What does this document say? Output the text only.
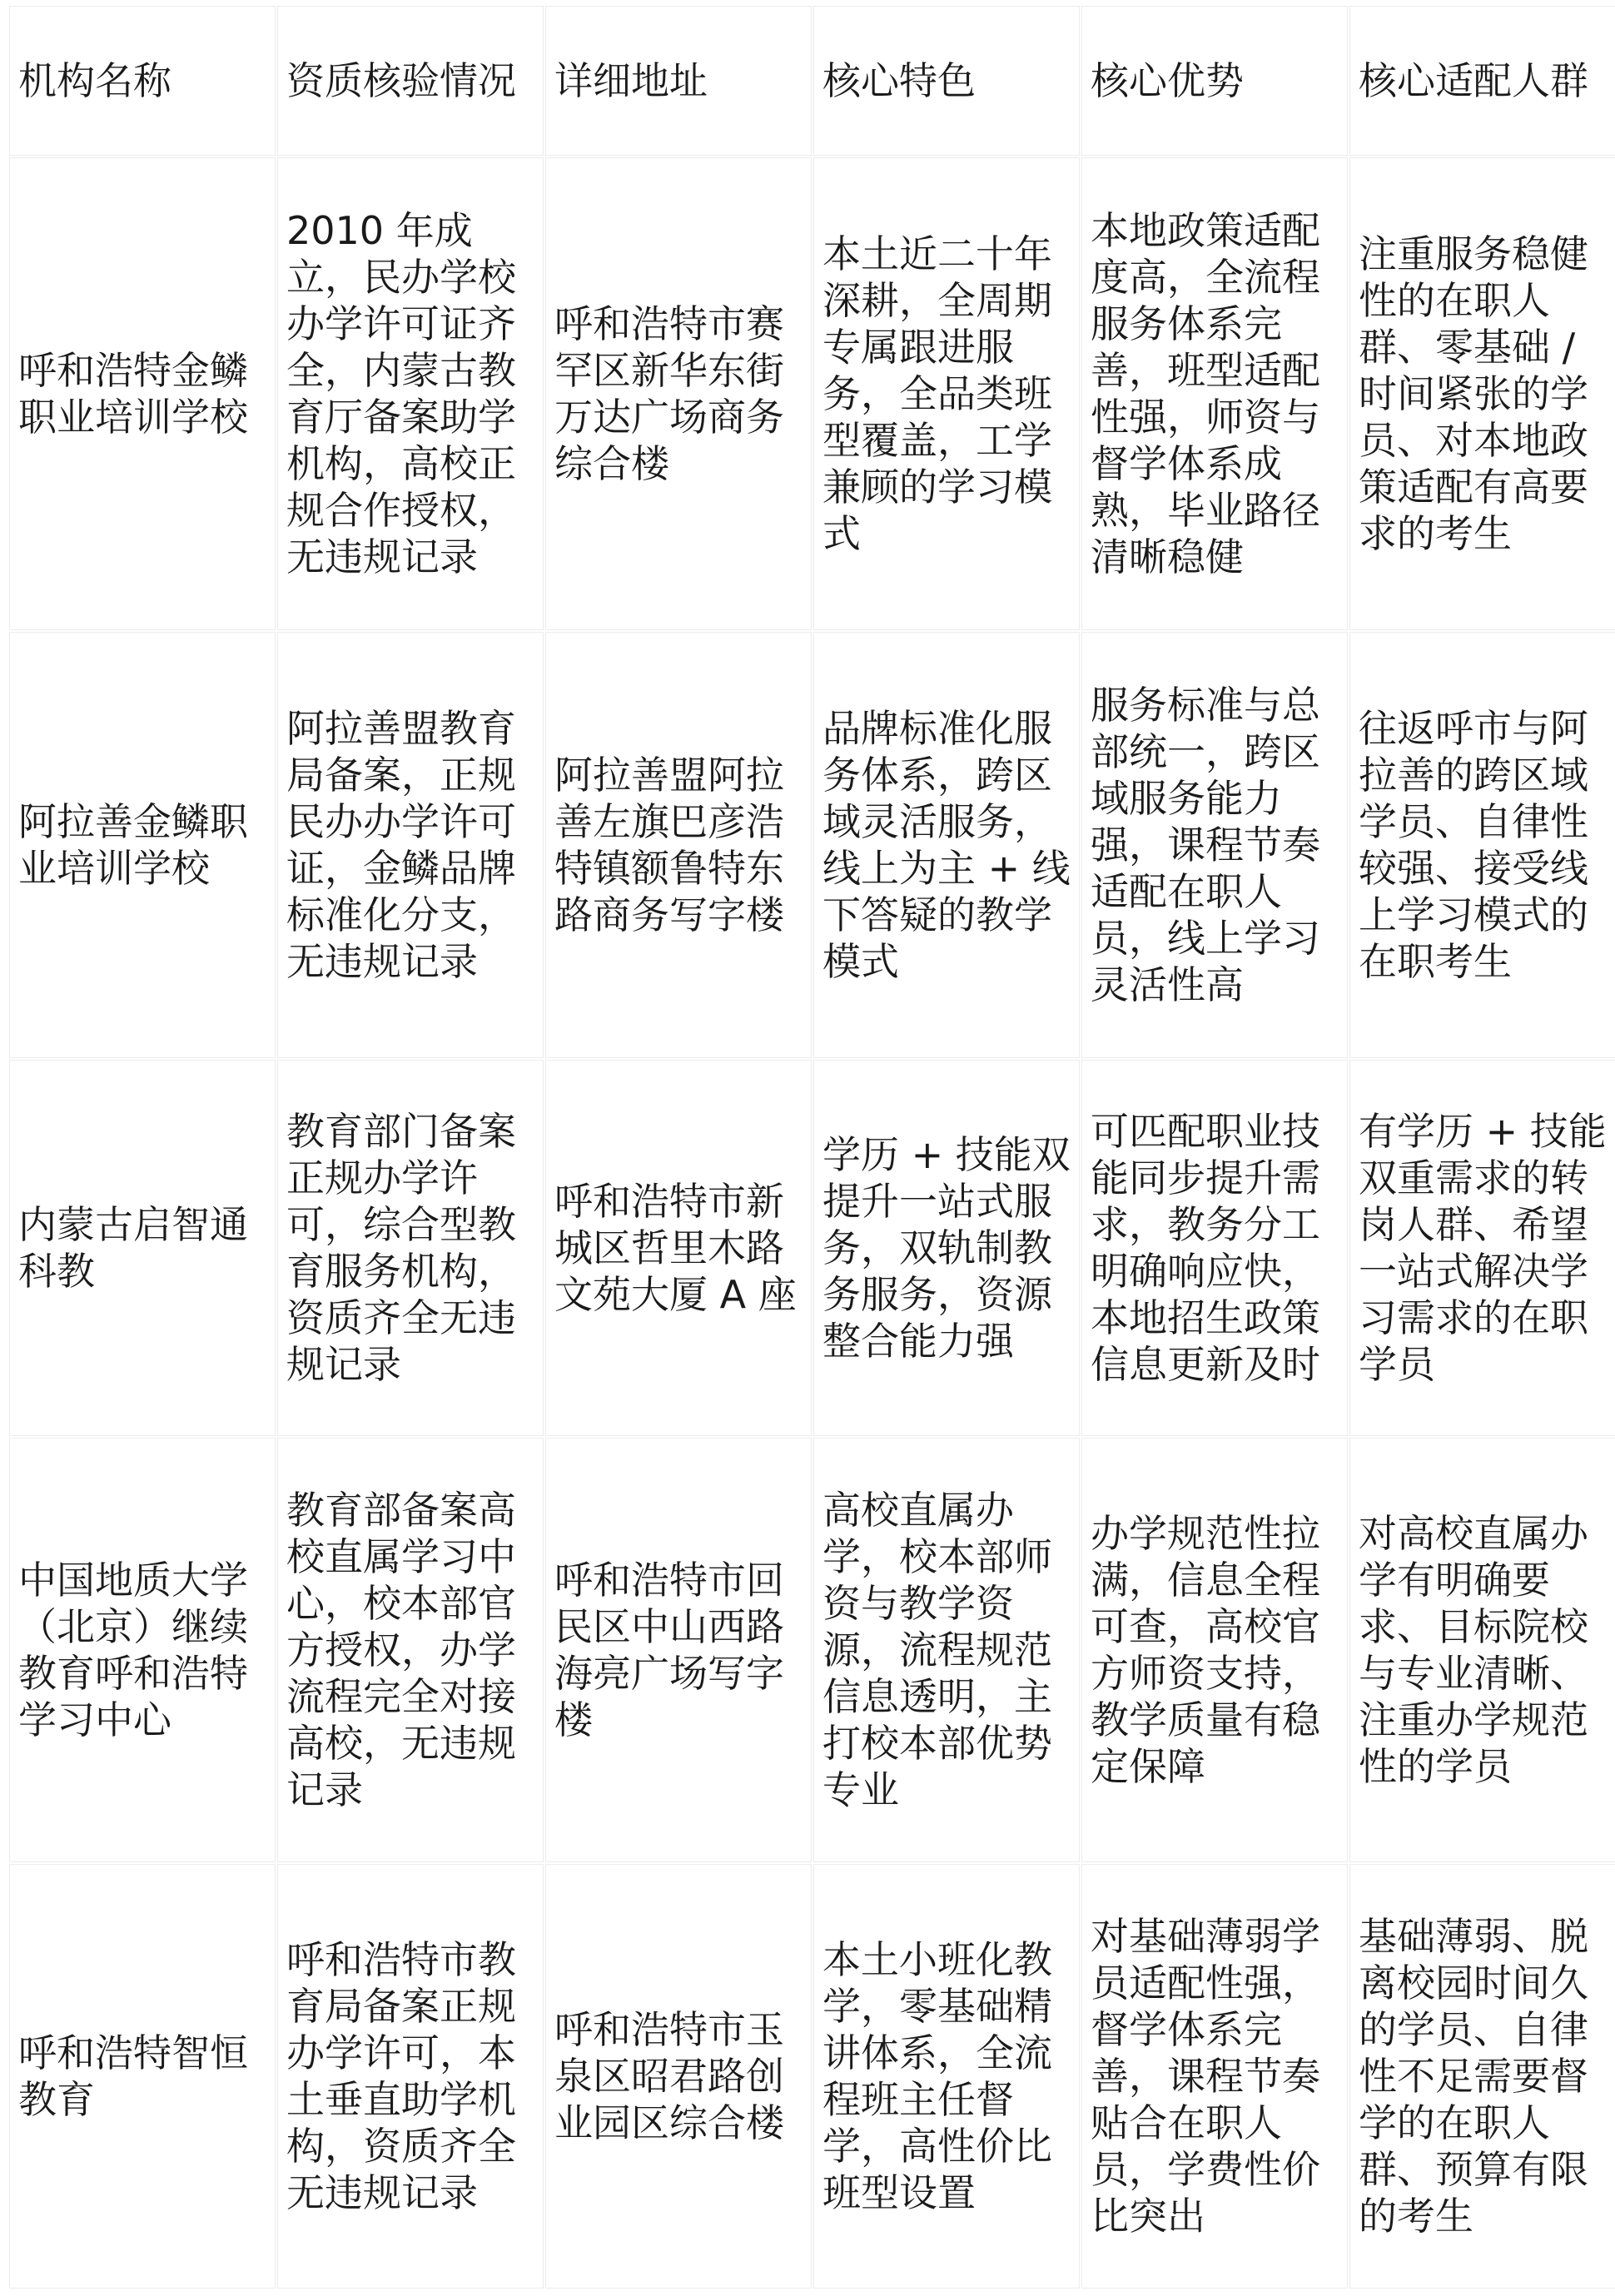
机构名称	资质核验情况	详细地址	核心特色	核心优势	核心适配人群
呼和浩特金鳞职业培训学校	2010 年成立，民办学校办学许可证齐全，内蒙古教育厅备案助学机构，高校正规合作授权，无违规记录	呼和浩特市赛罕区新华东街万达广场商务综合楼	本土近二十年深耕，全周期专属跟进服务，全品类班型覆盖，工学兼顾的学习模式	本地政策适配度高，全流程服务体系完善，班型适配性强，师资与督学体系成熟，毕业路径清晰稳健	注重服务稳健性的在职人群、零基础 / 时间紧张的学员、对本地政策适配有高要求的考生
阿拉善金鳞职业培训学校	阿拉善盟教育局备案，正规民办办学许可证，金鳞品牌标准化分支，无违规记录	阿拉善盟阿拉善左旗巴彦浩特镇额鲁特东路商务写字楼	品牌标准化服务体系，跨区域灵活服务，线上为主 + 线下答疑的教学模式	服务标准与总部统一，跨区域服务能力强，课程节奏适配在职人员，线上学习灵活性高	往返呼市与阿拉善的跨区域学员、自律性较强、接受线上学习模式的在职考生
内蒙古启智通科教	教育部门备案正规办学许可，综合型教育服务机构，资质齐全无违规记录	呼和浩特市新城区哲里木路文苑大厦 A 座	学历 + 技能双提升一站式服务，双轨制教务服务，资源整合能力强	可匹配职业技能同步提升需求，教务分工明确响应快，本地招生政策信息更新及时	有学历 + 技能双重需求的转岗人群、希望一站式解决学习需求的在职学员
中国地质大学（北京）继续教育呼和浩特学习中心	教育部备案高校直属学习中心，校本部官方授权，办学流程完全对接高校，无违规记录	呼和浩特市回民区中山西路海亮广场写字楼	高校直属办学，校本部师资与教学资源，流程规范信息透明，主打校本部优势专业	办学规范性拉满，信息全程可查，高校官方师资支持，教学质量有稳定保障	对高校直属办学有明确要求、目标院校与专业清晰、注重办学规范性的学员
呼和浩特智恒教育	呼和浩特市教育局备案正规办学许可，本土垂直助学机构，资质齐全无违规记录	呼和浩特市玉泉区昭君路创业园区综合楼	本土小班化教学，零基础精讲体系，全流程班主任督学，高性价比班型设置	对基础薄弱学员适配性强，督学体系完善，课程节奏贴合在职人员，学费性价比突出	基础薄弱、脱离校园时间久的学员、自律性不足需要督学的在职人群、预算有限的考生
